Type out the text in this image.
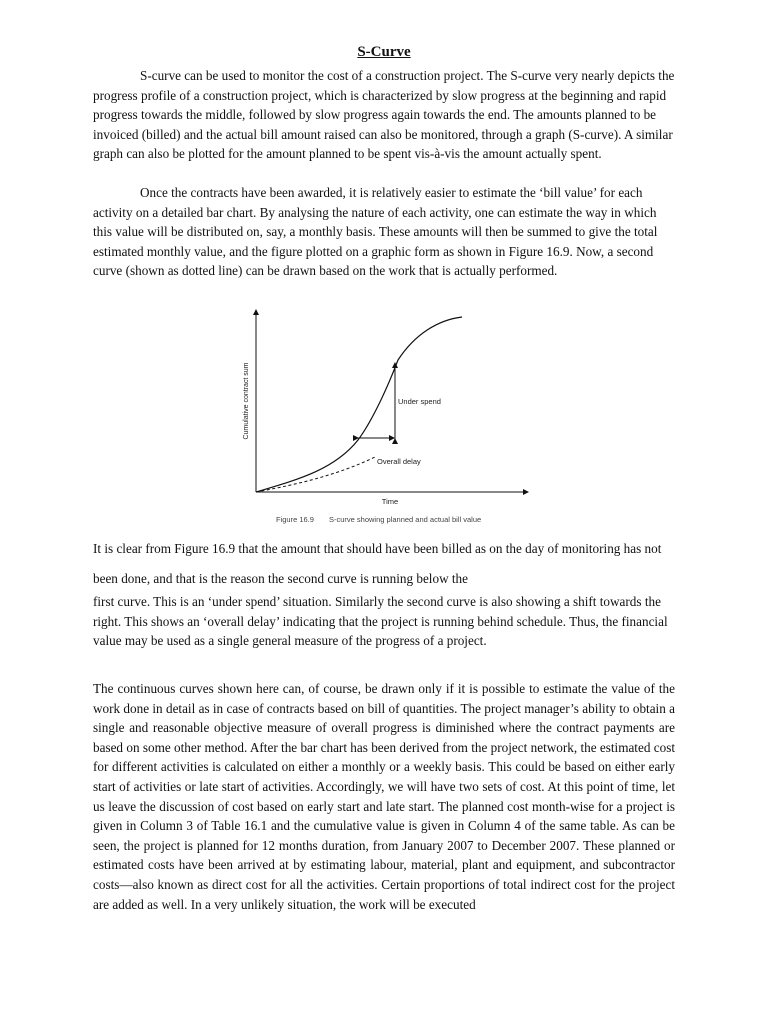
S-Curve

S-curve can be used to monitor the cost of a construction project. The S-curve very nearly depicts the progress profile of a construction project, which is characterized by slow progress at the beginning and rapid progress towards the middle, followed by slow progress again towards the end. The amounts planned to be invoiced (billed) and the actual bill amount raised can also be monitored, through a graph (S-curve). A similar graph can also be plotted for the amount planned to be spent vis-à-vis the amount actually spent.

Once the contracts have been awarded, it is relatively easier to estimate the ‘bill value’ for each activity on a detailed bar chart. By analysing the nature of each activity, one can estimate the way in which this value will be distributed on, say, a monthly basis. These amounts will then be summed to give the total estimated monthly value, and the figure plotted on a graphic form as shown in Figure 16.9. Now, a second curve (shown as dotted line) can be drawn based on the work that is actually performed.

Under spend
Overall delay
Cumulative contract sum
Time
Figure 16.9 S-curve showing planned and actual bill value

It is clear from Figure 16.9 that the amount that should have been billed as on the day of monitoring has not been done, and that is the reason the second curve is running below the

first curve. This is an ‘under spend’ situation. Similarly the second curve is also showing a shift towards the right. This shows an ‘overall delay’ indicating that the project is running behind schedule. Thus, the financial value may be used as a single general measure of the progress of a project.

The continuous curves shown here can, of course, be drawn only if it is possible to estimate the value of the work done in detail as in case of contracts based on bill of quantities. The project manager’s ability to obtain a single and reasonable objective measure of overall progress is diminished where the contract payments are based on some other method. After the bar chart has been derived from the project network, the estimated cost for different activities is calculated on either a monthly or a weekly basis. This could be based on either early start of activities or late start of activities. Accordingly, we will have two sets of cost. At this point of time, let us leave the discussion of cost based on early start and late start. The planned cost month-wise for a project is given in Column 3 of Table 16.1 and the cumulative value is given in Column 4 of the same table. As can be seen, the project is planned for 12 months duration, from January 2007 to December 2007. These planned or estimated costs have been arrived at by estimating labour, material, plant and equipment, and subcontractor costs—also known as direct cost for all the activities. Certain proportions of total indirect cost for the project are added as well. In a very unlikely situation, the work will be executed
